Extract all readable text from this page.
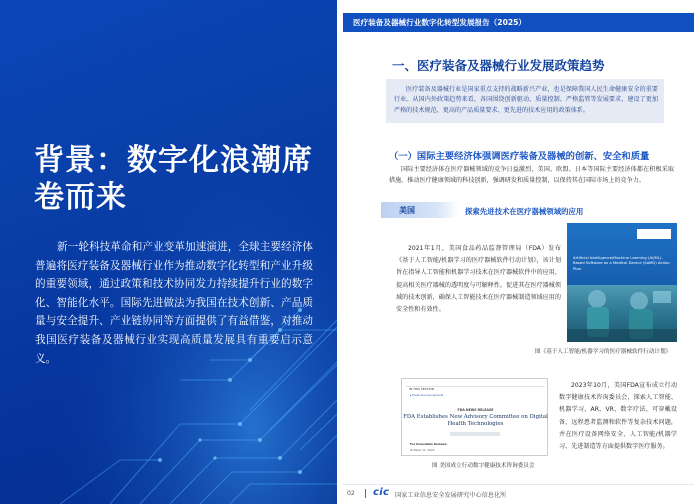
背景：数字化浪潮席卷而来
新一轮科技革命和产业变革加速演进，全球主要经济体普遍将医疗装备及器械行业作为推动数字化转型和产业升级的重要领域，通过政策和技术协同发力持续提升行业的数字化、智能化水平。国际先进做法为我国在技术创新、产品质量与安全提升、产业链协同等方面提供了有益借鉴，对推动我国医疗装备及器械行业实现高质量发展具有重要启示意义。
医疗装备及器械行业数字化转型发展报告（2025）
一、医疗装备及器械行业发展政策趋势
医疗装备及器械行业是国家重点支持的战略新兴产业，也是保障我国人民生命健康安全的重要行业。从国内外政策趋势来看，各国围绕创新驱动、质量控制、严格监管等发展要求，建设了更加严格的技术规范、更高的产品质量要求、更先进的技术应用的政策体系。
（一）国际主要经济体强调医疗装备及器械的创新、安全和质量
国际主要经济体在医疗器械领域的竞争日益激烈，美国、欧盟、日本等国际主要经济体都在积极采取措施，推动医疗健康领域的科技创新，强调研发和质量控制，以保持其在国际市场上的竞争力。
美国	探索先进技术在医疗器械领域的应用
2021年1月，美国食品药品监督管理局（FDA）发布《基于人工智能/机器学习的医疗器械软件行动计划》，该计划旨在指导人工智能和机器学习技术在医疗器械软件中的应用，提高相关医疗器械的透明度与可解释性。促进其在医疗器械领域的技术创新，确保人工智能技术在医疗器械制造领域应用的安全性和有效性。
Artificial Intelligence/Machine Learning (AI/ML)-Based Software as a Medical Device (SaMD) Action Plan
图《基于人工智能/机器学习的医疗器械软件行动计划》
IN THIS SECTION
▸ Press Announcements
FDA NEWS RELEASE
FDA Establishes New Advisory Committee on Digital Health Technologies
For Immediate Release:
October 11, 2023
图 美国成立行动数字健康技术咨询委员会
2023年10月，美国FDA宣布成立行动数字健康技术咨询委员会，探索人工智能、机器学习、AR、VR、数字疗法、可穿戴设备、远程患者监测和软件等复杂技术问题，并在医疗设备网络安全、人工智能/机器学习、先进制造等方面提供数字医疗服务。
02 cic 国家工业信息安全发展研究中心信息化所
